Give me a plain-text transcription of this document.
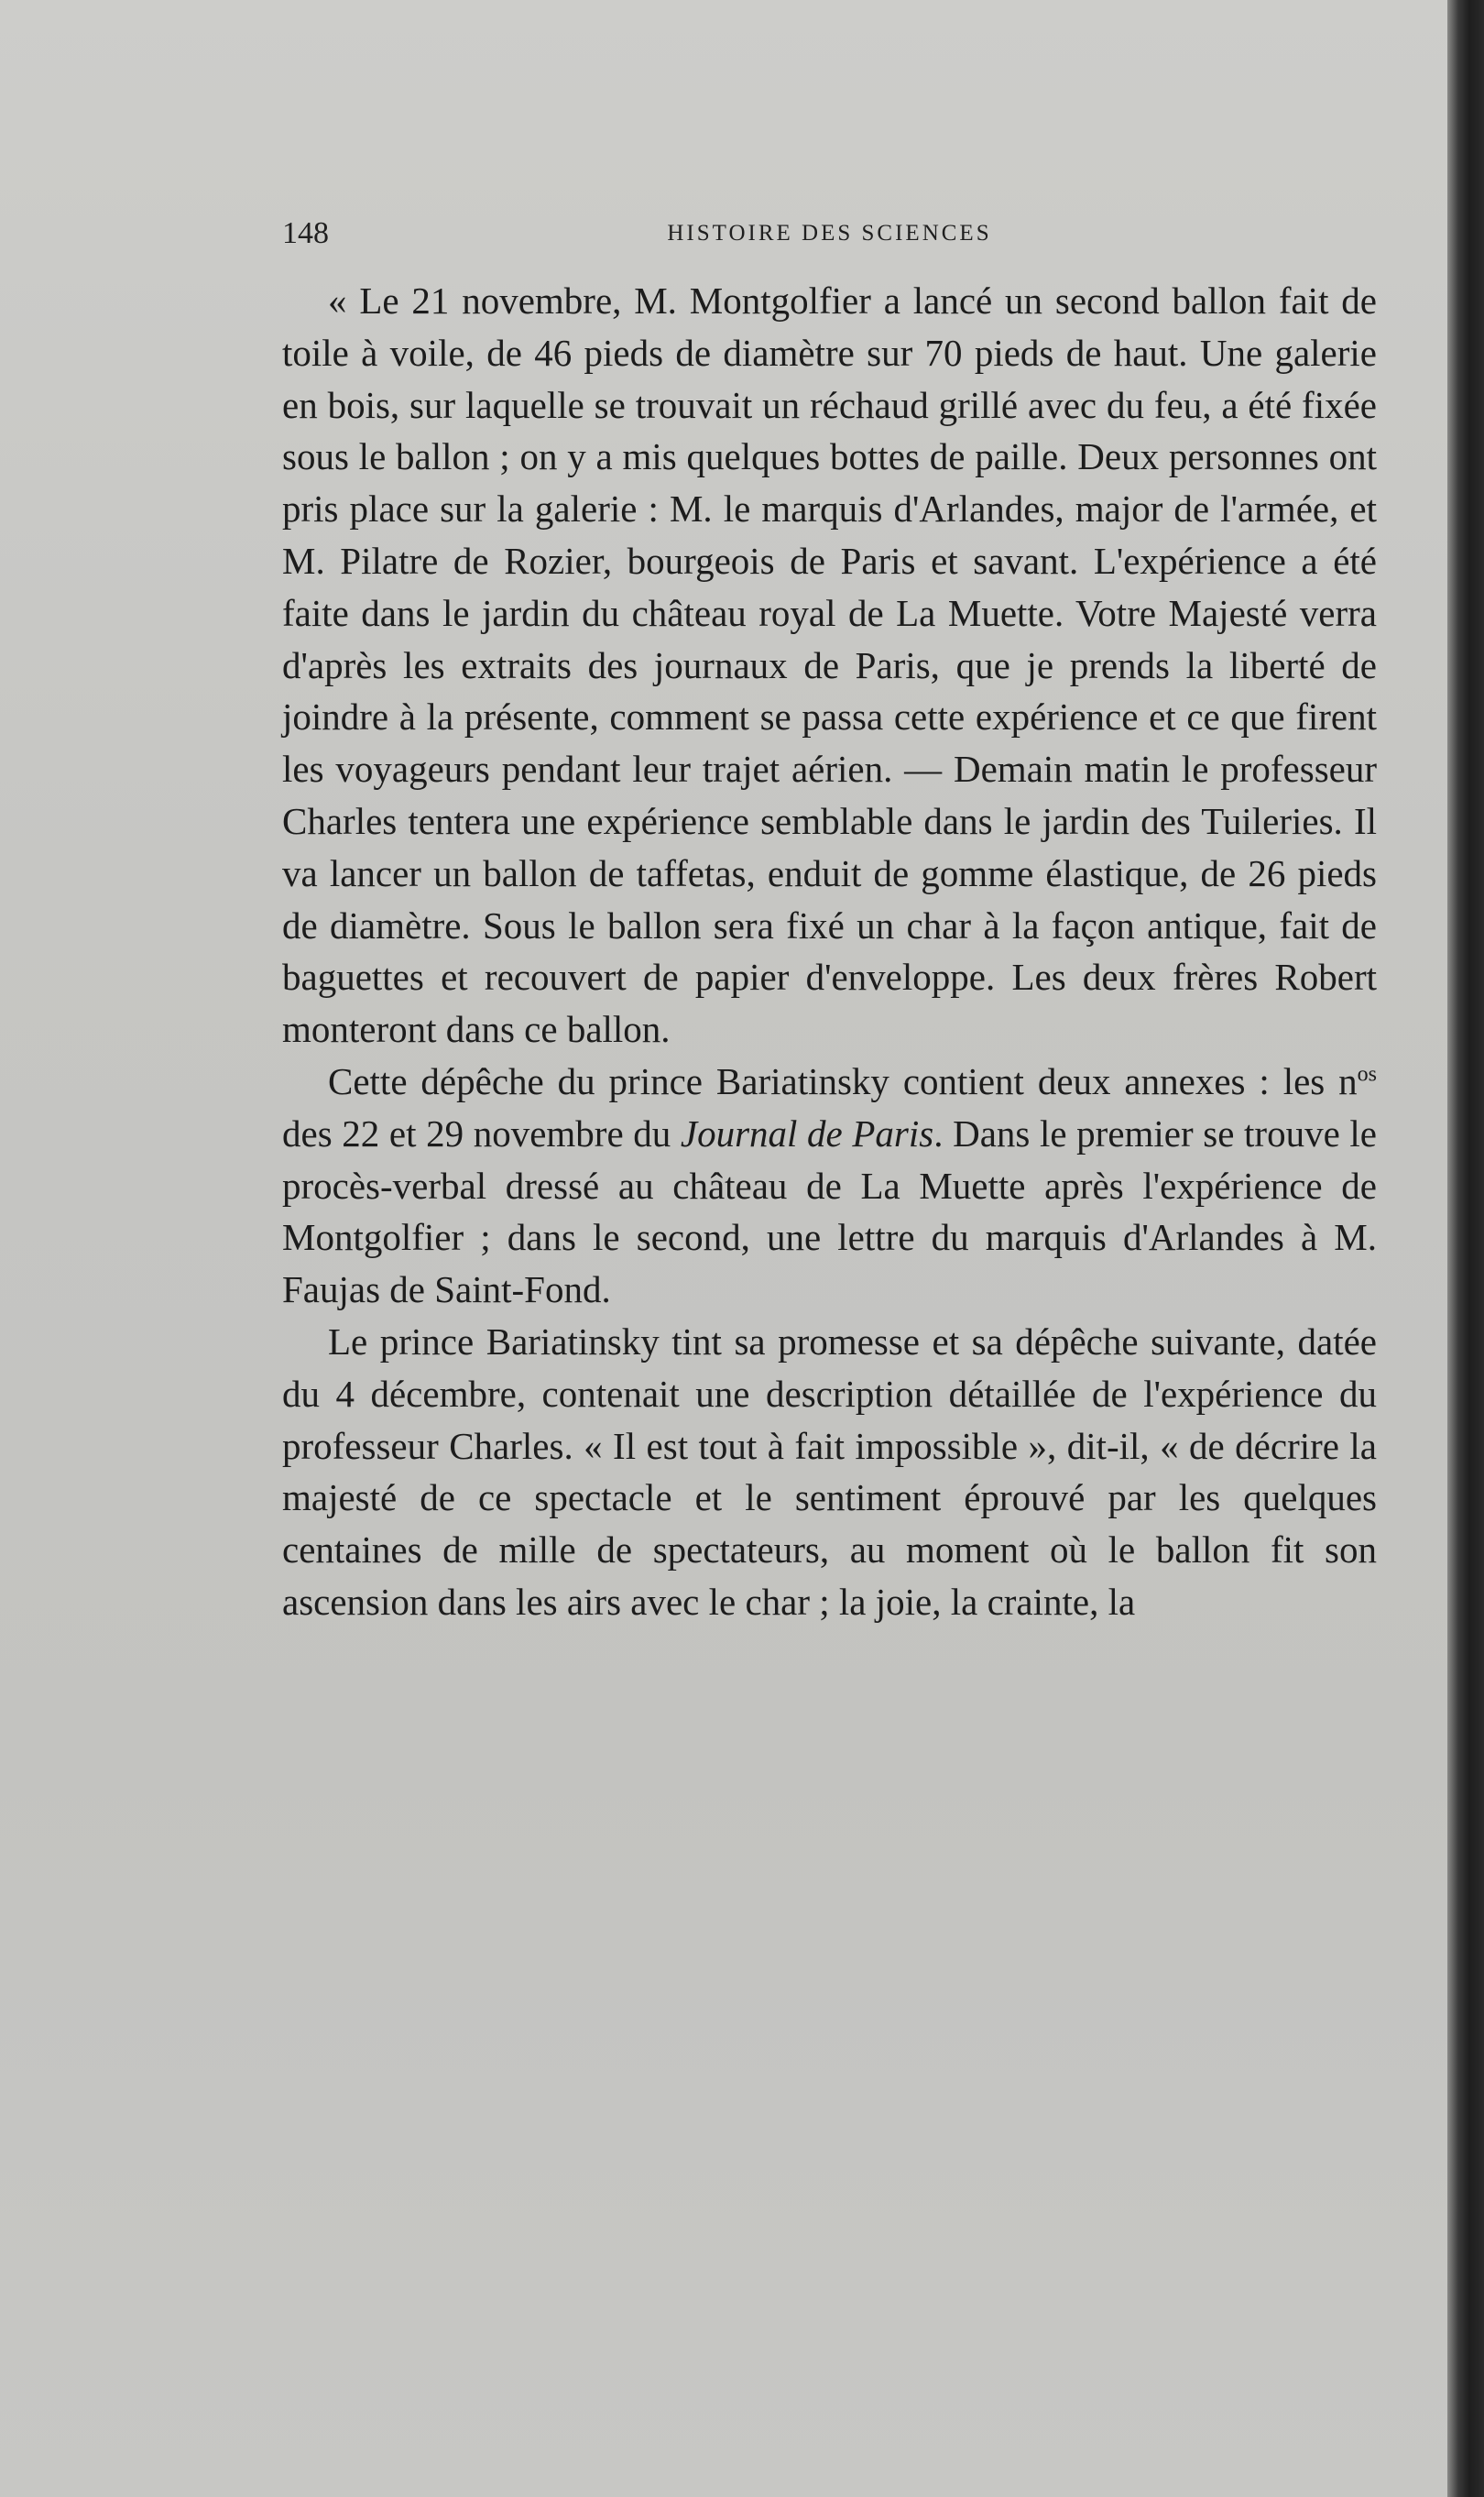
148	HISTOIRE DES SCIENCES

« Le 21 novembre, M. Montgolfier a lancé un second ballon fait de toile à voile, de 46 pieds de diamètre sur 70 pieds de haut. Une galerie en bois, sur laquelle se trouvait un réchaud grillé avec du feu, a été fixée sous le ballon ; on y a mis quelques bottes de paille. Deux personnes ont pris place sur la galerie : M. le marquis d'Arlandes, major de l'armée, et M. Pilatre de Rozier, bourgeois de Paris et savant. L'expérience a été faite dans le jardin du château royal de La Muette. Votre Majesté verra d'après les extraits des journaux de Paris, que je prends la liberté de joindre à la présente, comment se passa cette expérience et ce que firent les voyageurs pendant leur trajet aérien. — Demain matin le professeur Charles tentera une expérience semblable dans le jardin des Tuileries. Il va lancer un ballon de taffetas, enduit de gomme élastique, de 26 pieds de diamètre. Sous le ballon sera fixé un char à la façon antique, fait de baguettes et recouvert de papier d'enveloppe. Les deux frères Robert monteront dans ce ballon.

Cette dépêche du prince Bariatinsky contient deux annexes : les $n^{os}$ des 22 et 29 novembre du Journal de Paris. Dans le premier se trouve le procès-verbal dressé au château de La Muette après l'expérience de Montgolfier ; dans le second, une lettre du marquis d'Arlandes à M. Faujas de Saint-Fond.

Le prince Bariatinsky tint sa promesse et sa dépêche suivante, datée du 4 décembre, contenait une description détaillée de l'expérience du professeur Charles. « Il est tout à fait impossible », dit-il, « de décrire la majesté de ce spectacle et le sentiment éprouvé par les quelques centaines de mille de spectateurs, au moment où le ballon fit son ascension dans les airs avec le char ; la joie, la crainte, la
